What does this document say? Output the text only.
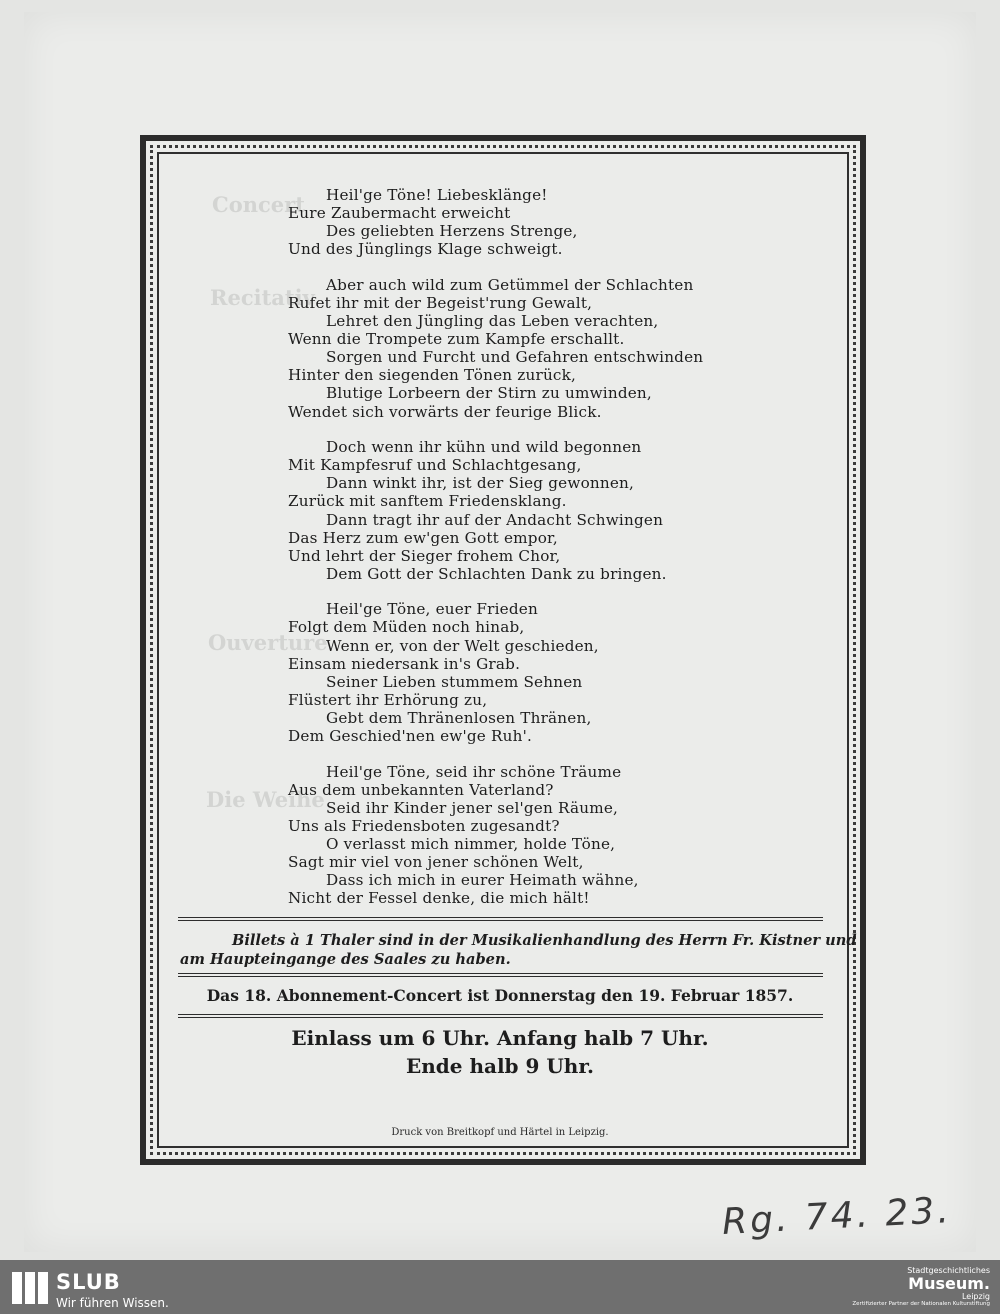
Concert
Recitativ
Ouverture
Die Weihe
Heil'ge Töne! Liebesklänge!
Eure Zaubermacht erweicht
Des geliebten Herzens Strenge,
Und des Jünglings Klage schweigt.
Aber auch wild zum Getümmel der Schlachten
Rufet ihr mit der Begeist'rung Gewalt,
Lehret den Jüngling das Leben verachten,
Wenn die Trompete zum Kampfe erschallt.
Sorgen und Furcht und Gefahren entschwinden
Hinter den siegenden Tönen zurück,
Blutige Lorbeern der Stirn zu umwinden,
Wendet sich vorwärts der feurige Blick.
Doch wenn ihr kühn und wild begonnen
Mit Kampfesruf und Schlachtgesang,
Dann winkt ihr, ist der Sieg gewonnen,
Zurück mit sanftem Friedensklang.
Dann tragt ihr auf der Andacht Schwingen
Das Herz zum ew'gen Gott empor,
Und lehrt der Sieger frohem Chor,
Dem Gott der Schlachten Dank zu bringen.
Heil'ge Töne, euer Frieden
Folgt dem Müden noch hinab,
Wenn er, von der Welt geschieden,
Einsam niedersank in's Grab.
Seiner Lieben stummem Sehnen
Flüstert ihr Erhörung zu,
Gebt dem Thränenlosen Thränen,
Dem Geschied'nen ew'ge Ruh'.
Heil'ge Töne, seid ihr schöne Träume
Aus dem unbekannten Vaterland?
Seid ihr Kinder jener sel'gen Räume,
Uns als Friedensboten zugesandt?
O verlasst mich nimmer, holde Töne,
Sagt mir viel von jener schönen Welt,
Dass ich mich in eurer Heimath wähne,
Nicht der Fessel denke, die mich hält!
Billets à 1 Thaler sind in der Musikalienhandlung des Herrn Fr. Kistner und
am Haupteingange des Saales zu haben.
Das 18. Abonnement-Concert ist Donnerstag den 19. Februar 1857.
Einlass um 6 Uhr. Anfang halb 7 Uhr.
Ende halb 9 Uhr.
Druck von Breitkopf und Härtel in Leipzig.
Rg. 74. 23.
SLUB
Wir führen Wissen.
Stadtgeschichtliches
Museum.
Leipzig
Zertifizierter Partner der Nationalen Kulturstiftung
